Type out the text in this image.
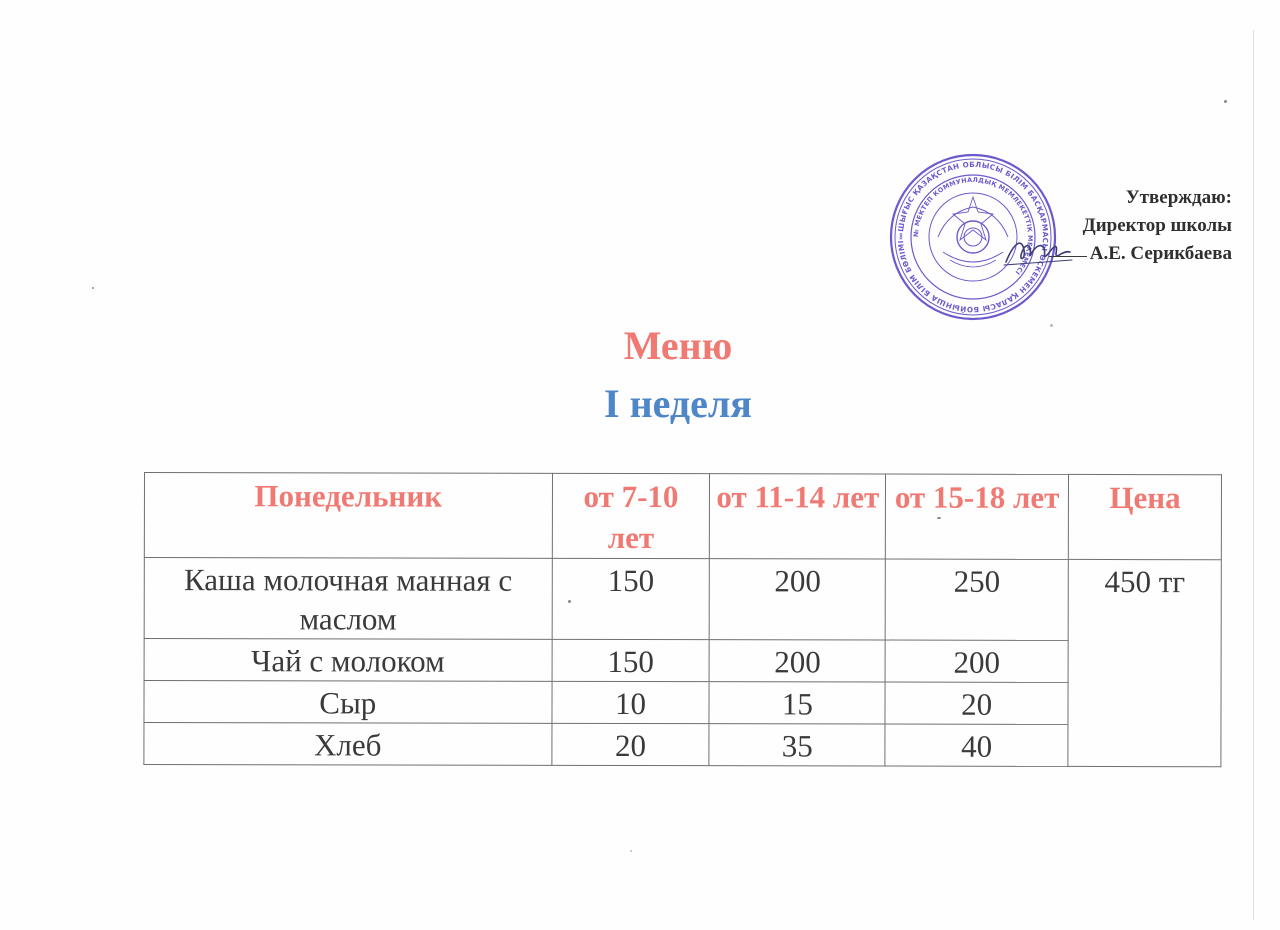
«ШЫҒЫС ҚАЗАҚСТАН ОБЛЫСЫ БІЛІМ БАСҚАРМАСЫ ӨСКЕМЕН ҚАЛАСЫ БОЙЫНША БІЛІМ БӨЛІМІ»
№ МЕКТЕП КОММУНАЛДЫҚ МЕМЛЕКЕТТІК МЕКЕМЕСІ
Утверждаю:
Директор школы
А.Е. Серикбаева
Меню
I неделя
Понедельник	от 7-10 лет	от 11-14 лет	от 15-18 лет	Цена
Каша молочная манная с маслом	150	200	250	450 тг
Чай с молоком	150	200	200	
Сыр	10	15	20	
Хлеб	20	35	40	
